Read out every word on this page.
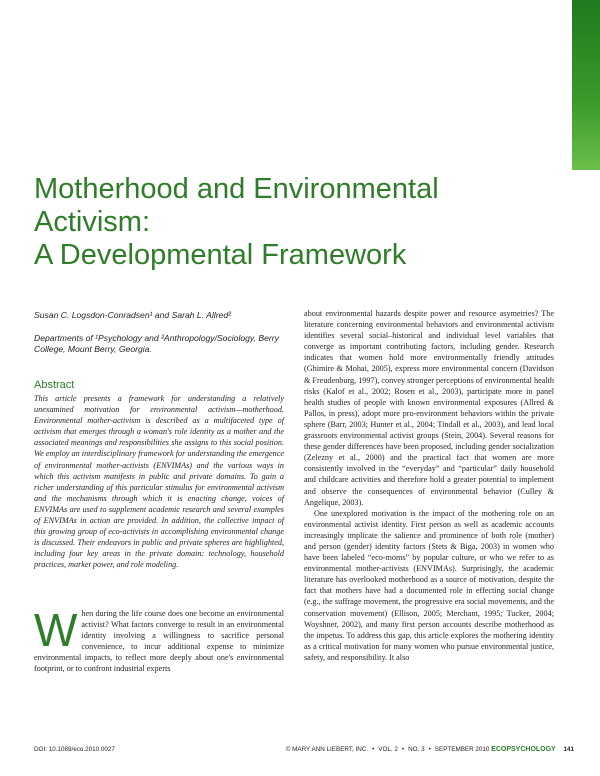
Motherhood and Environmental Activism:
A Developmental Framework
Susan C. Logsdon-Conradsen¹ and Sarah L. Allred²
Departments of ¹Psychology and ²Anthropology/Sociology, Berry College, Mount Berry, Georgia.
Abstract

This article presents a framework for understanding a relatively unexamined motivation for environmental activism—motherhood. Environmental mother-activism is described as a multifaceted type of activism that emerges through a woman's role identity as a mother and the associated meanings and responsibilities she assigns to this social position. We employ an interdisciplinary framework for understanding the emergence of environmental mother-activists (ENVIMAs) and the various ways in which this activism manifests in public and private domains. To gain a richer understanding of this particular stimulus for environmental activism and the mechanisms through which it is enacting change, voices of ENVIMAs are used to supplement academic research and several examples of ENVIMAs in action are provided. In addition, the collective impact of this growing group of eco-activists in accomplishing environmental change is discussed. Their endeavors in public and private spheres are highlighted, including four key areas in the private domain: technology, household practices, market power, and role modeling.

When during the life course does one become an environmental activist? What factors converge to result in an environmental identity involving a willingness to sacrifice personal convenience, to incur additional expense to minimize environmental impacts, to reflect more deeply about one's environmental footprint, or to confront industrial experts

about environmental hazards despite power and resource asymetries? The literature concerning environmental behaviors and environmental activism identifies several social–historical and individual level variables that converge as important contributing factors, including gender. Research indicates that women hold more environmentally friendly attitudes (Ghimire & Mohai, 2005), express more environmental concern (Davidson & Freudenburg, 1997), convey stronger perceptions of environmental health risks (Kalof et al., 2002; Rosen et al., 2003), participate more in panel health studies of people with known environmental exposures (Allred & Pallos, in press), adopt more pro-environment behaviors within the private sphere (Barr, 2003; Hunter et al., 2004; Tindall et al., 2003), and lead local grassroots environmental activist groups (Stein, 2004). Several reasons for these gender differences have been proposed, including gender socialization (Zelezny et al., 2000) and the practical fact that women are more consistently involved in the “everyday” and “particular” daily household and childcare activities and therefore hold a greater potential to implement and observe the consequences of environmental behavior (Culley & Angelique, 2003).

One unexplored motivation is the impact of the mothering role on an environmental activist identity. First person as well as academic accounts increasingly implicate the salience and prominence of both role (mother) and person (gender) identity factors (Stets & Biga, 2003) in women who have been labeled “eco-moms” by popular culture, or who we refer to as environmental mother-activists (ENVIMAs). Surprisingly, the academic literature has overlooked motherhood as a source of motivation, despite the fact that mothers have had a documented role in effecting social change (e.g., the suffrage movement, the progressive era social movements, and the conservation movement) (Ellison, 2005; Merchant, 1995; Tucker, 2004; Woyshner, 2002), and many first person accounts describe motherhood as the impetus. To address this gap, this article explores the mothering identity as a critical motivation for many women who pursue environmental justice, safety, and responsibility. It also

DOI: 10.1089/eco.2010.0027	© MARY ANN LIEBERT, INC. • VOL. 2 • NO. 3 • SEPTEMBER 2010 ECOPSYCHOLOGY 141
